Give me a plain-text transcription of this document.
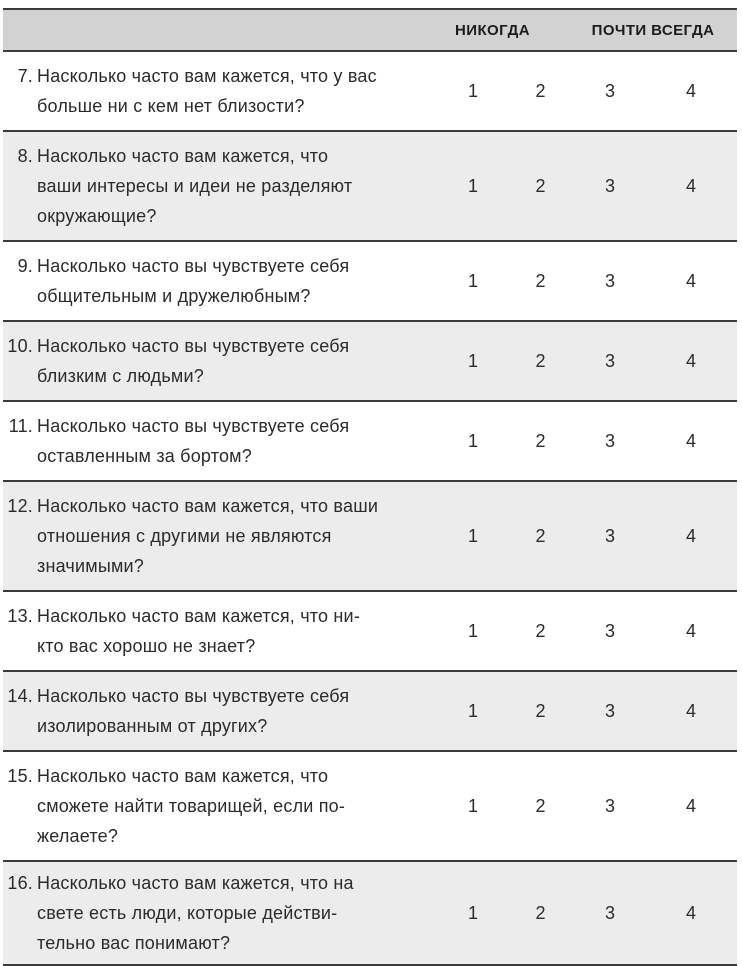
НИКОГДА	ПОЧТИ ВСЕГДА
7. Насколько часто вам кажется, что у вас
больше ни с кем нет близости?
1	2	3	4
8. Насколько часто вам кажется, что
ваши интересы и идеи не разделяют
окружающие?
1	2	3	4
9. Насколько часто вы чувствуете себя
общительным и дружелюбным?
1	2	3	4
10. Насколько часто вы чувствуете себя
близким с людьми?
1	2	3	4
11. Насколько часто вы чувствуете себя
оставленным за бортом?
1	2	3	4
12. Насколько часто вам кажется, что ваши
отношения с другими не являются
значимыми?
1	2	3	4
13. Насколько часто вам кажется, что ни-
кто вас хорошо не знает?
1	2	3	4
14. Насколько часто вы чувствуете себя
изолированным от других?
1	2	3	4
15. Насколько часто вам кажется, что
сможете найти товарищей, если по-
желаете?
1	2	3	4
16. Насколько часто вам кажется, что на
свете есть люди, которые действи-
тельно вас понимают?
1	2	3	4
